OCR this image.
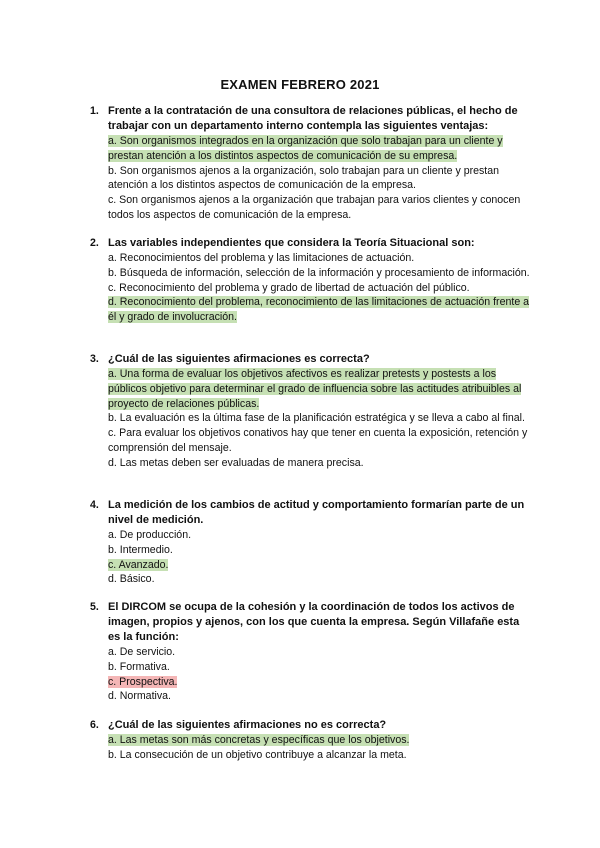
EXAMEN FEBRERO 2021
1. Frente a la contratación de una consultora de relaciones públicas, el hecho de trabajar con un departamento interno contempla las siguientes ventajas:
a. Son organismos integrados en la organización que solo trabajan para un cliente y prestan atención a los distintos aspectos de comunicación de su empresa.
b. Son organismos ajenos a la organización, solo trabajan para un cliente y prestan atención a los distintos aspectos de comunicación de la empresa.
c. Son organismos ajenos a la organización que trabajan para varios clientes y conocen todos los aspectos de comunicación de la empresa.
2. Las variables independientes que considera la Teoría Situacional son:
a. Reconocimientos del problema y las limitaciones de actuación.
b. Búsqueda de información, selección de la información y procesamiento de información.
c. Reconocimiento del problema y grado de libertad de actuación del público.
d. Reconocimiento del problema, reconocimiento de las limitaciones de actuación frente a él y grado de involucración.
3. ¿Cuál de las siguientes afirmaciones es correcta?
a. Una forma de evaluar los objetivos afectivos es realizar pretests y postests a los públicos objetivo para determinar el grado de influencia sobre las actitudes atribuibles al proyecto de relaciones públicas.
b. La evaluación es la última fase de la planificación estratégica y se lleva a cabo al final.
c. Para evaluar los objetivos conativos hay que tener en cuenta la exposición, retención y comprensión del mensaje.
d. Las metas deben ser evaluadas de manera precisa.
4. La medición de los cambios de actitud y comportamiento formarían parte de un nivel de medición.
a. De producción.
b. Intermedio.
c. Avanzado.
d. Básico.
5. El DIRCOM se ocupa de la cohesión y la coordinación de todos los activos de imagen, propios y ajenos, con los que cuenta la empresa. Según Villafañe esta es la función:
a. De servicio.
b. Formativa.
c. Prospectiva.
d. Normativa.
6. ¿Cuál de las siguientes afirmaciones no es correcta?
a. Las metas son más concretas y específicas que los objetivos.
b. La consecución de un objetivo contribuye a alcanzar la meta.
